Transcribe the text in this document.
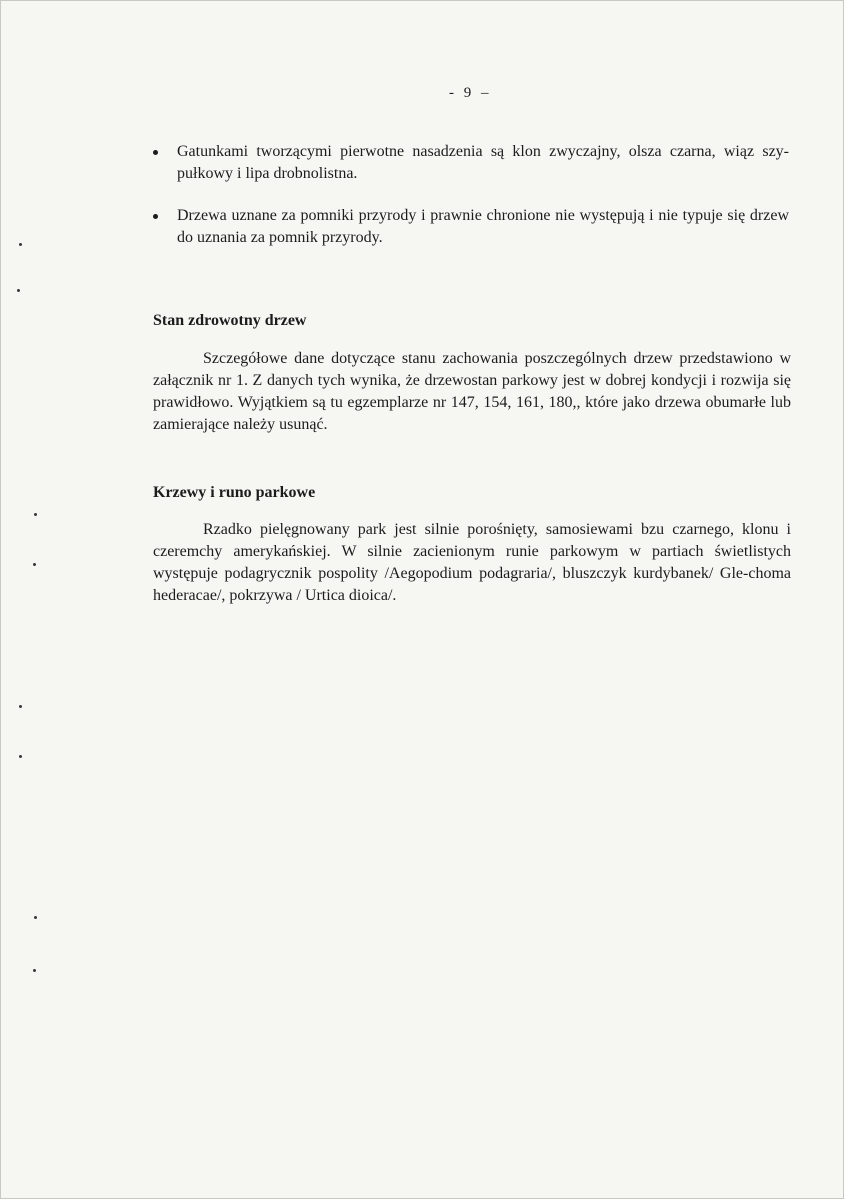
- 9 –
Gatunkami tworzącymi pierwotne nasadzenia są klon zwyczajny, olsza czarna, wiąz szy-pułkowy i lipa drobnolistna.
Drzewa uznane za pomniki przyrody i prawnie chronione nie występują i nie typuje się drzew do uznania za pomnik przyrody.
Stan zdrowotny drzew

Szczegółowe dane dotyczące stanu zachowania poszczególnych drzew przedstawiono w załącznik nr 1. Z danych tych wynika, że drzewostan parkowy jest w dobrej kondycji i rozwija się prawidłowo. Wyjątkiem są tu egzemplarze nr 147, 154, 161, 180,, które jako drzewa obumarłe lub zamierające należy usunąć.

Krzewy i runo parkowe

Rzadko pielęgnowany park jest silnie porośnięty, samosiewami bzu czarnego, klonu i czeremchy amerykańskiej. W silnie zacienionym runie parkowym w partiach świetlistych występuje podagrycznik pospolity /Aegopodium podagraria/, bluszczyk kurdybanek/ Gle-choma hederacae/, pokrzywa / Urtica dioica/.
